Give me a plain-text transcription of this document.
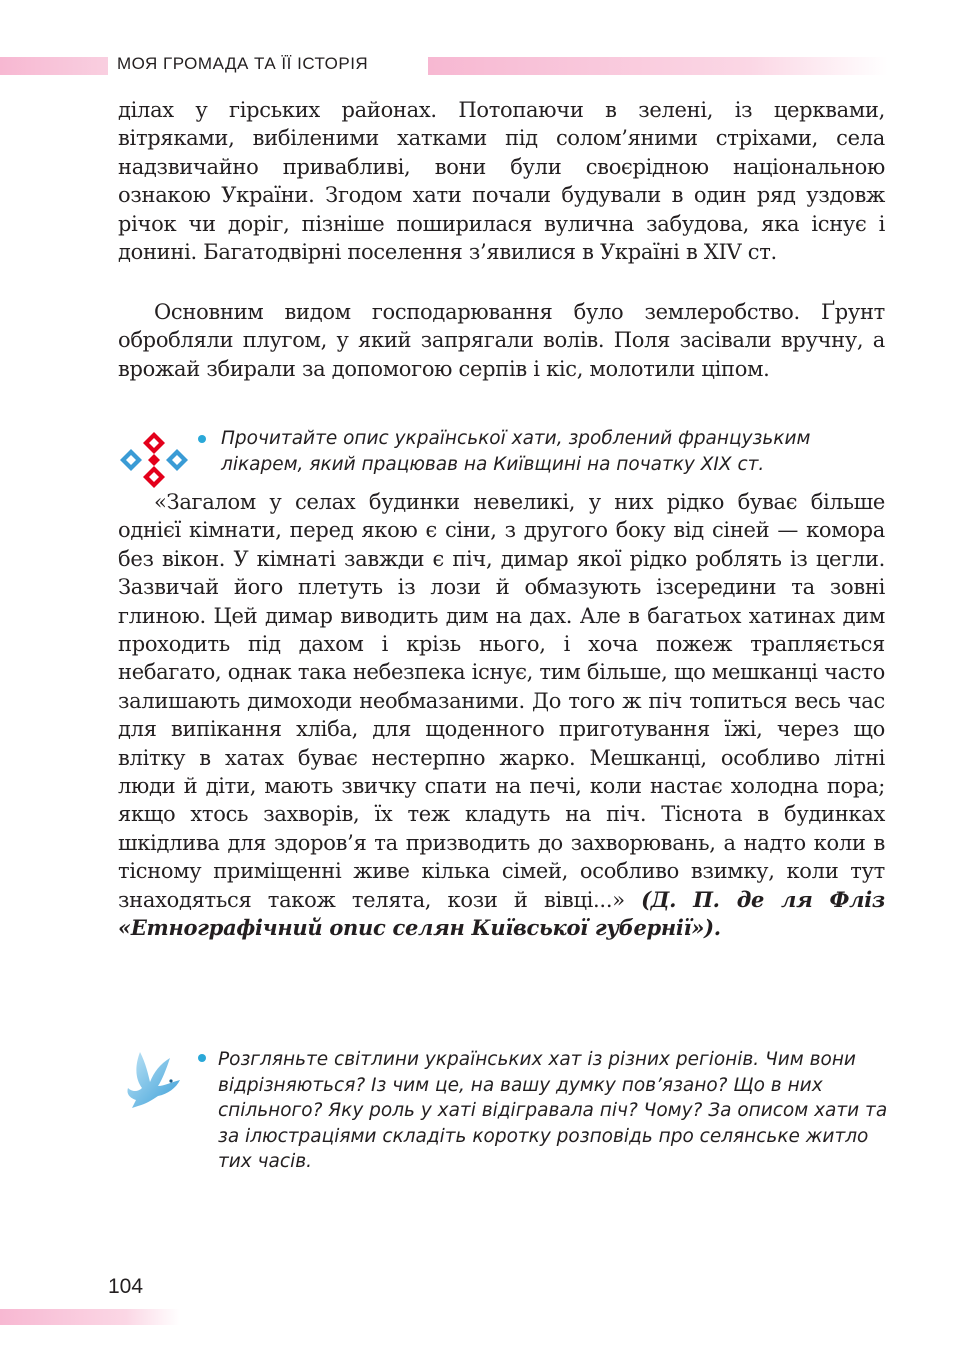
МОЯ ГРОМАДА ТА ЇЇ ІСТОРІЯ

ділах у гірських районах. Потопаючи в зелені, із церквами, вітряками, вибіленими хатками під солом’яними стріхами, села надзвичайно привабливі, вони були своєрідною національною ознакою України. Згодом хати почали будували в один ряд уздовж річок чи доріг, пізніше поширилася вулична забудова, яка існує і донині. Багатодвірні поселення з’явилися в Україні в XIV ст.

Основним видом господарювання було землеробство. Ґрунт обробляли плугом, у який запрягали волів. Поля засівали вручну, а врожай збирали за допомогою серпів і кіс, молотили ціпом.

Прочитайте опис української хати, зроблений французьким лікарем, який працював на Київщині на початку XIX ст.

«Загалом у селах будинки невеликі, у них рідко буває більше однієї кімнати, перед якою є сіни, з другого боку від сіней — комора без вікон. У кімнаті завжди є піч, димар якої рідко роблять із цегли. Зазвичай його плетуть із лози й обмазують ізсередини та зовні глиною. Цей димар виводить дим на дах. Але в багатьох хатинах дим проходить під дахом і крізь нього, і хоча пожеж трапляється небагато, однак така небезпека існує, тим більше, що мешканці часто залишають димоходи необмазаними. До того ж піч топиться весь час для випікання хліба, для щоденного приготування їжі, через що влітку в хатах буває нестерпно жарко. Мешканці, особливо літні люди й діти, мають звичку спати на печі, коли настає холодна пора; якщо хтось захворів, їх теж кладуть на піч. Тіснота в будинках шкідлива для здоров’я та призводить до захворювань, а надто коли в тісному приміщенні живе кілька сімей, особливо взимку, коли тут знаходяться також телята, кози й вівці...» (Д. П. де ля Фліз «Етнографічний опис селян Київської губернії»).

Розгляньте світлини українських хат із різних регіонів. Чим вони відрізняються? Із чим це, на вашу думку пов’язано? Що в них спільного? Яку роль у хаті відігравала піч? Чому? За описом хати та за ілюстраціями складіть коротку розповідь про селянське житло тих часів.
104
